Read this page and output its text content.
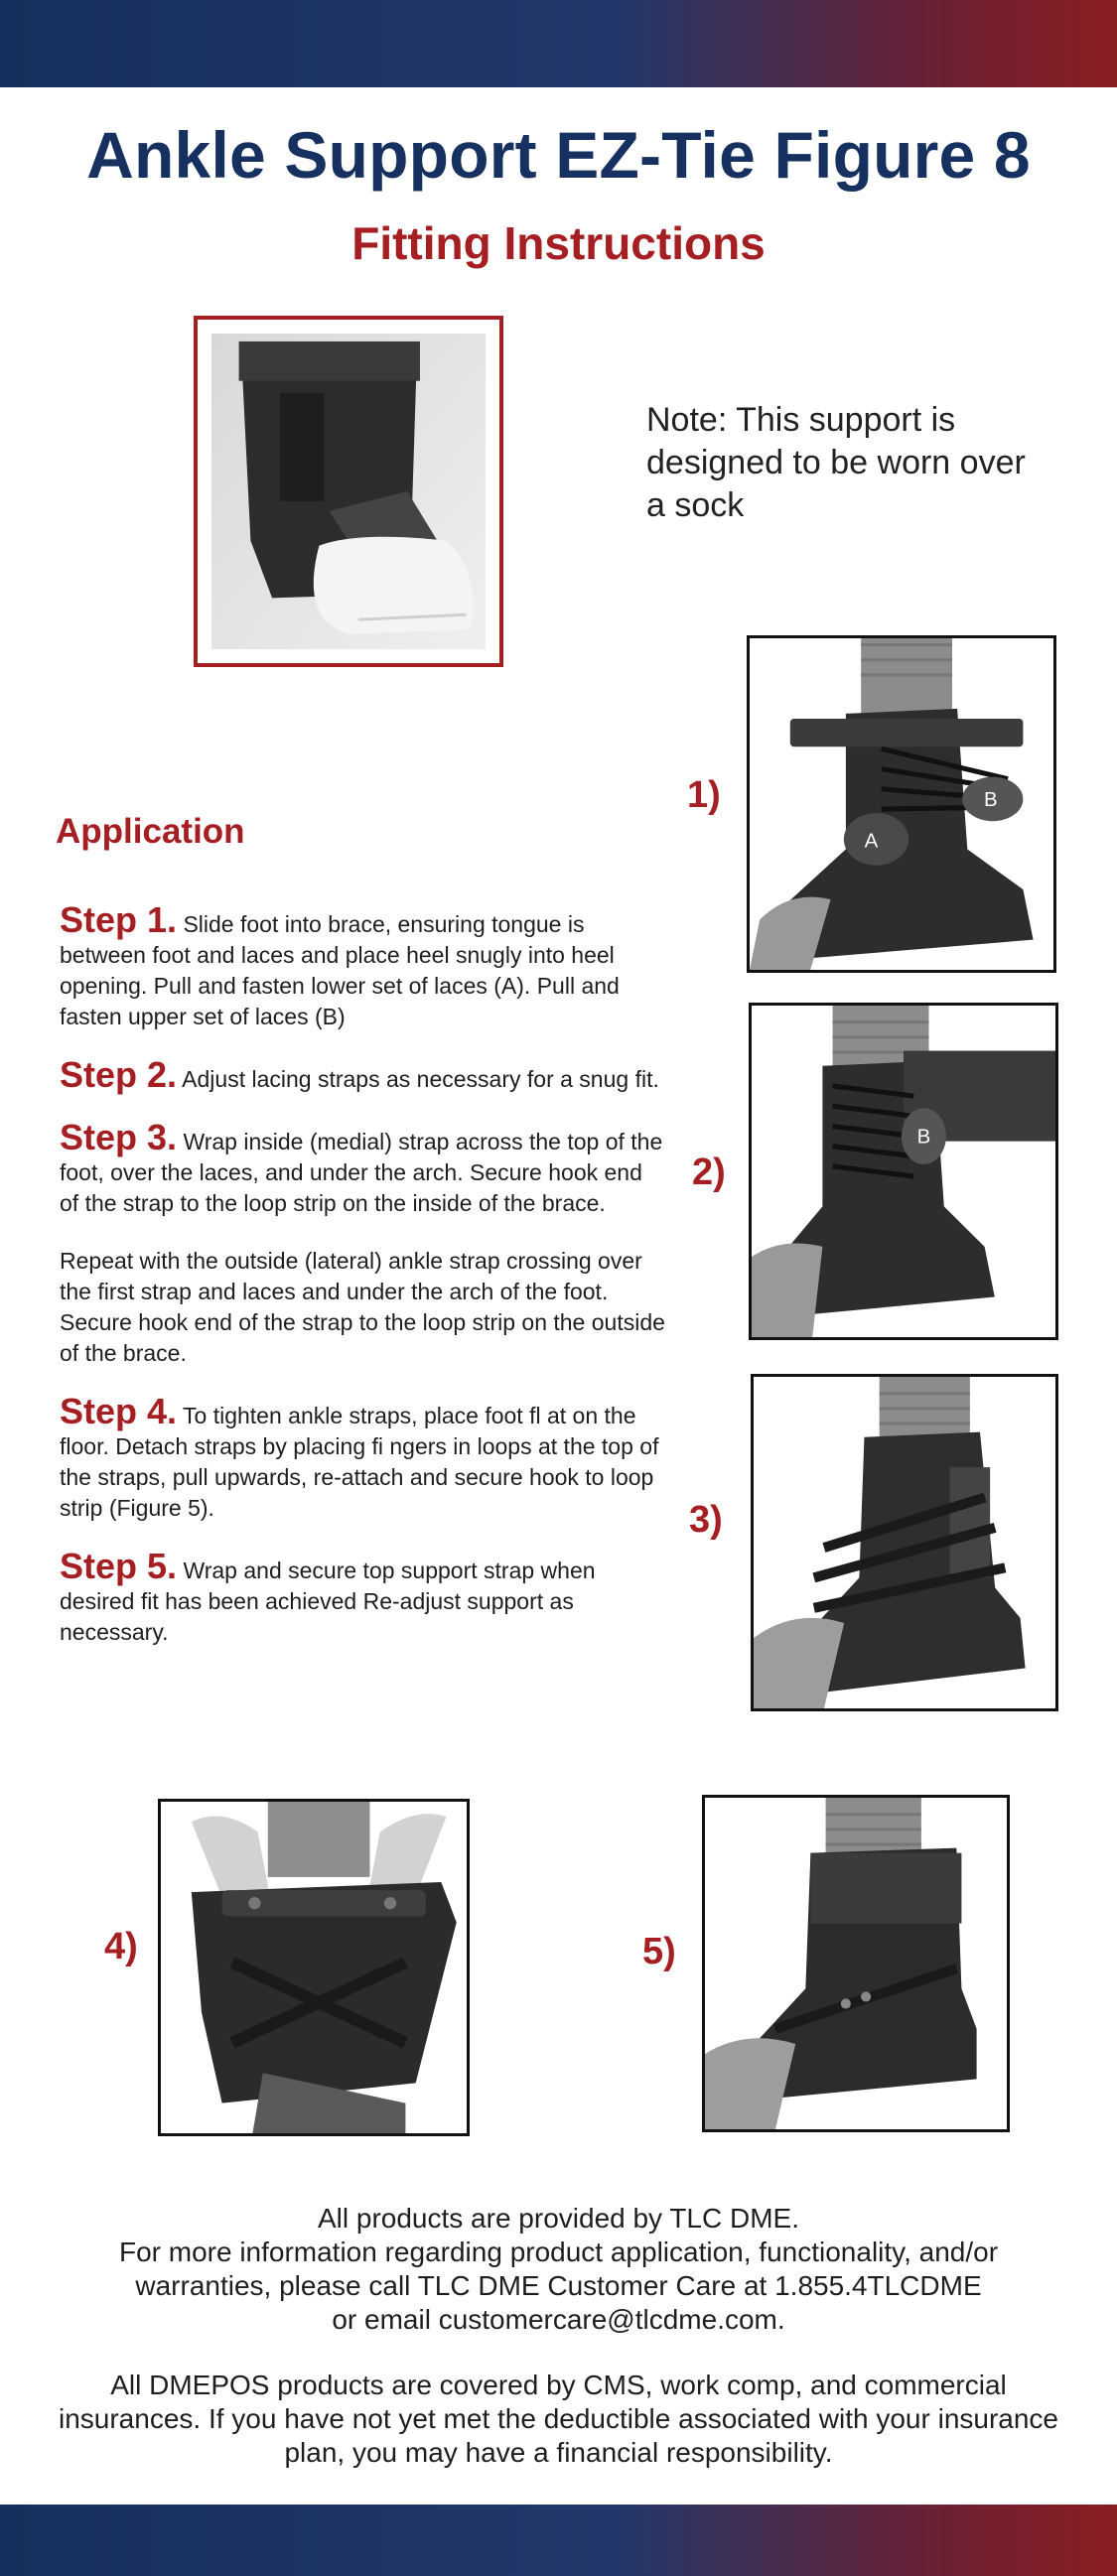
Ankle Support EZ-Tie Figure 8
Fitting Instructions
Note: This support is designed to be worn over a sock
B
A
1)
B
2)
3)
Application

Step 1. Slide foot into brace, ensuring tongue is between foot and laces and place heel snugly into heel opening. Pull and fasten lower set of laces (A). Pull and fasten upper set of laces (B)

Step 2. Adjust lacing straps as necessary for a snug fit.

Step 3. Wrap inside (medial) strap across the top of the foot, over the laces, and under the arch. Secure hook end of the strap to the loop strip on the inside of the brace.

Repeat with the outside (lateral) ankle strap crossing over the first strap and laces and under the arch of the foot. Secure hook end of the strap to the loop strip on the outside of the brace.

Step 4. To tighten ankle straps, place foot fl at on the floor. Detach straps by placing fi ngers in loops at the top of the straps, pull upwards, re-attach and secure hook to loop strip (Figure 5).

Step 5. Wrap and secure top support strap when desired fit has been achieved Re-adjust support as necessary.

4)	5)
All products are provided by TLC DME.
For more information regarding product application, functionality, and/or
warranties, please call TLC DME Customer Care at 1.855.4TLCDME
or email customercare@tlcdme.com.
All DMEPOS products are covered by CMS, work comp, and commercial
insurances. If you have not yet met the deductible associated with your insurance
plan, you may have a financial responsibility.
